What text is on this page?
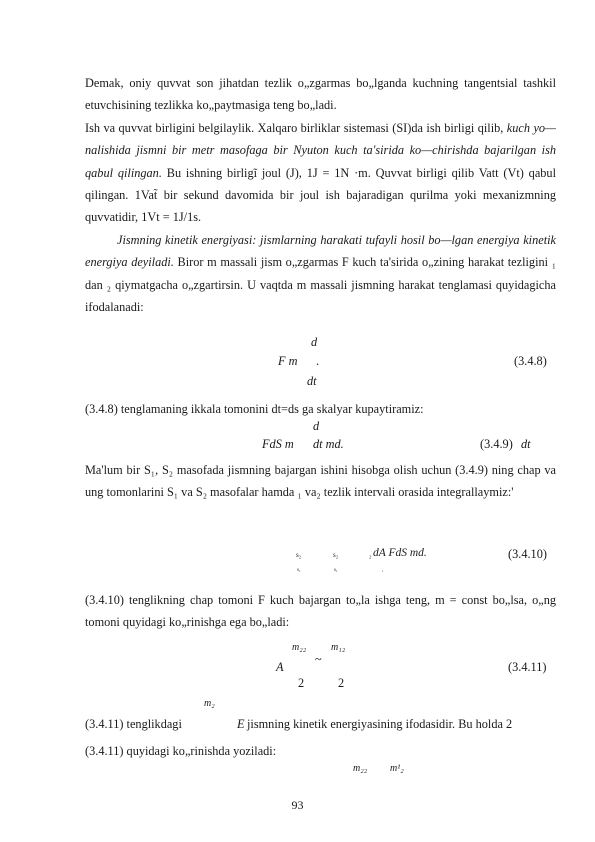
Demak, oniy quvvat son jihatdan tezlik o„zgarmas bo„lganda kuchning tangentsial tashkil etuvchisining tezlikka ko„paytmasiga teng bo„ladi.

Ish va quvvat birligini belgilaylik. Xalqaro birliklar sistemasi (SI)da ish birligi qilib, kuch yo—nalishida jismni bir metr masofaga bir Nyuton kuch ta'sirida ko—chirishda bajarilgan ish qabul qilingan. Bu ishning birligĩ joul (J), 1J = 1N ·m. Quvvat birligi qilib Vatt (Vt) qabul qilingan. 1Vat̃ bir sekund davomida bir joul ish bajaradigan qurilma yoki mexanizmning quvvatidir, 1Vt = 1J/1s.

Jismning kinetik energiyasi: jismlarning harakati tufayli hosil bo—lgan energiya kinetik energiya deyiladi. Biror m massali jism o„zgarmas F kuch ta'sirida o„zining harakat tezligini ₁ dan ₂ qiymatgacha o„zgartirsin. U vaqtda m massali jismning harakat tenglamasi quyidagicha ifodalanadi:

d
F m .
dt
(3.4.8)

(3.4.8) tenglamaning ikkala tomonini dt=ds ga skalyar kupaytiramiz:

d
FdS m dt md.	(3.4.9) dt

Ma'lum bir S₁, S₂ masofada jismning bajargan ishini hisobga olish uchun (3.4.9) ning chap va ung tomonlarini S₁ va S₂ masofalar hamda ₁ va₂ tezlik intervali orasida integrallaymiz:'

s₂	s₂	₂ dA FdS md.
s₁	s₁	₁
(3.4.10)

(3.4.10) tenglikning chap tomoni F kuch bajargan to„la ishga teng, m = const bo„lsa, o„ng tomoni quyidagi ko„rinishga ega bo„ladi:

m₂₂ m₁₂
A
~
2	2
(3.4.11)
m₂
(3.4.11) tenglikdagi	E jismning kinetik energiyasining ifodasidir. Bu holda 2
(3.4.11) quyidagi ko„rinishda yoziladi:
m₂₂ m¹₂
93
